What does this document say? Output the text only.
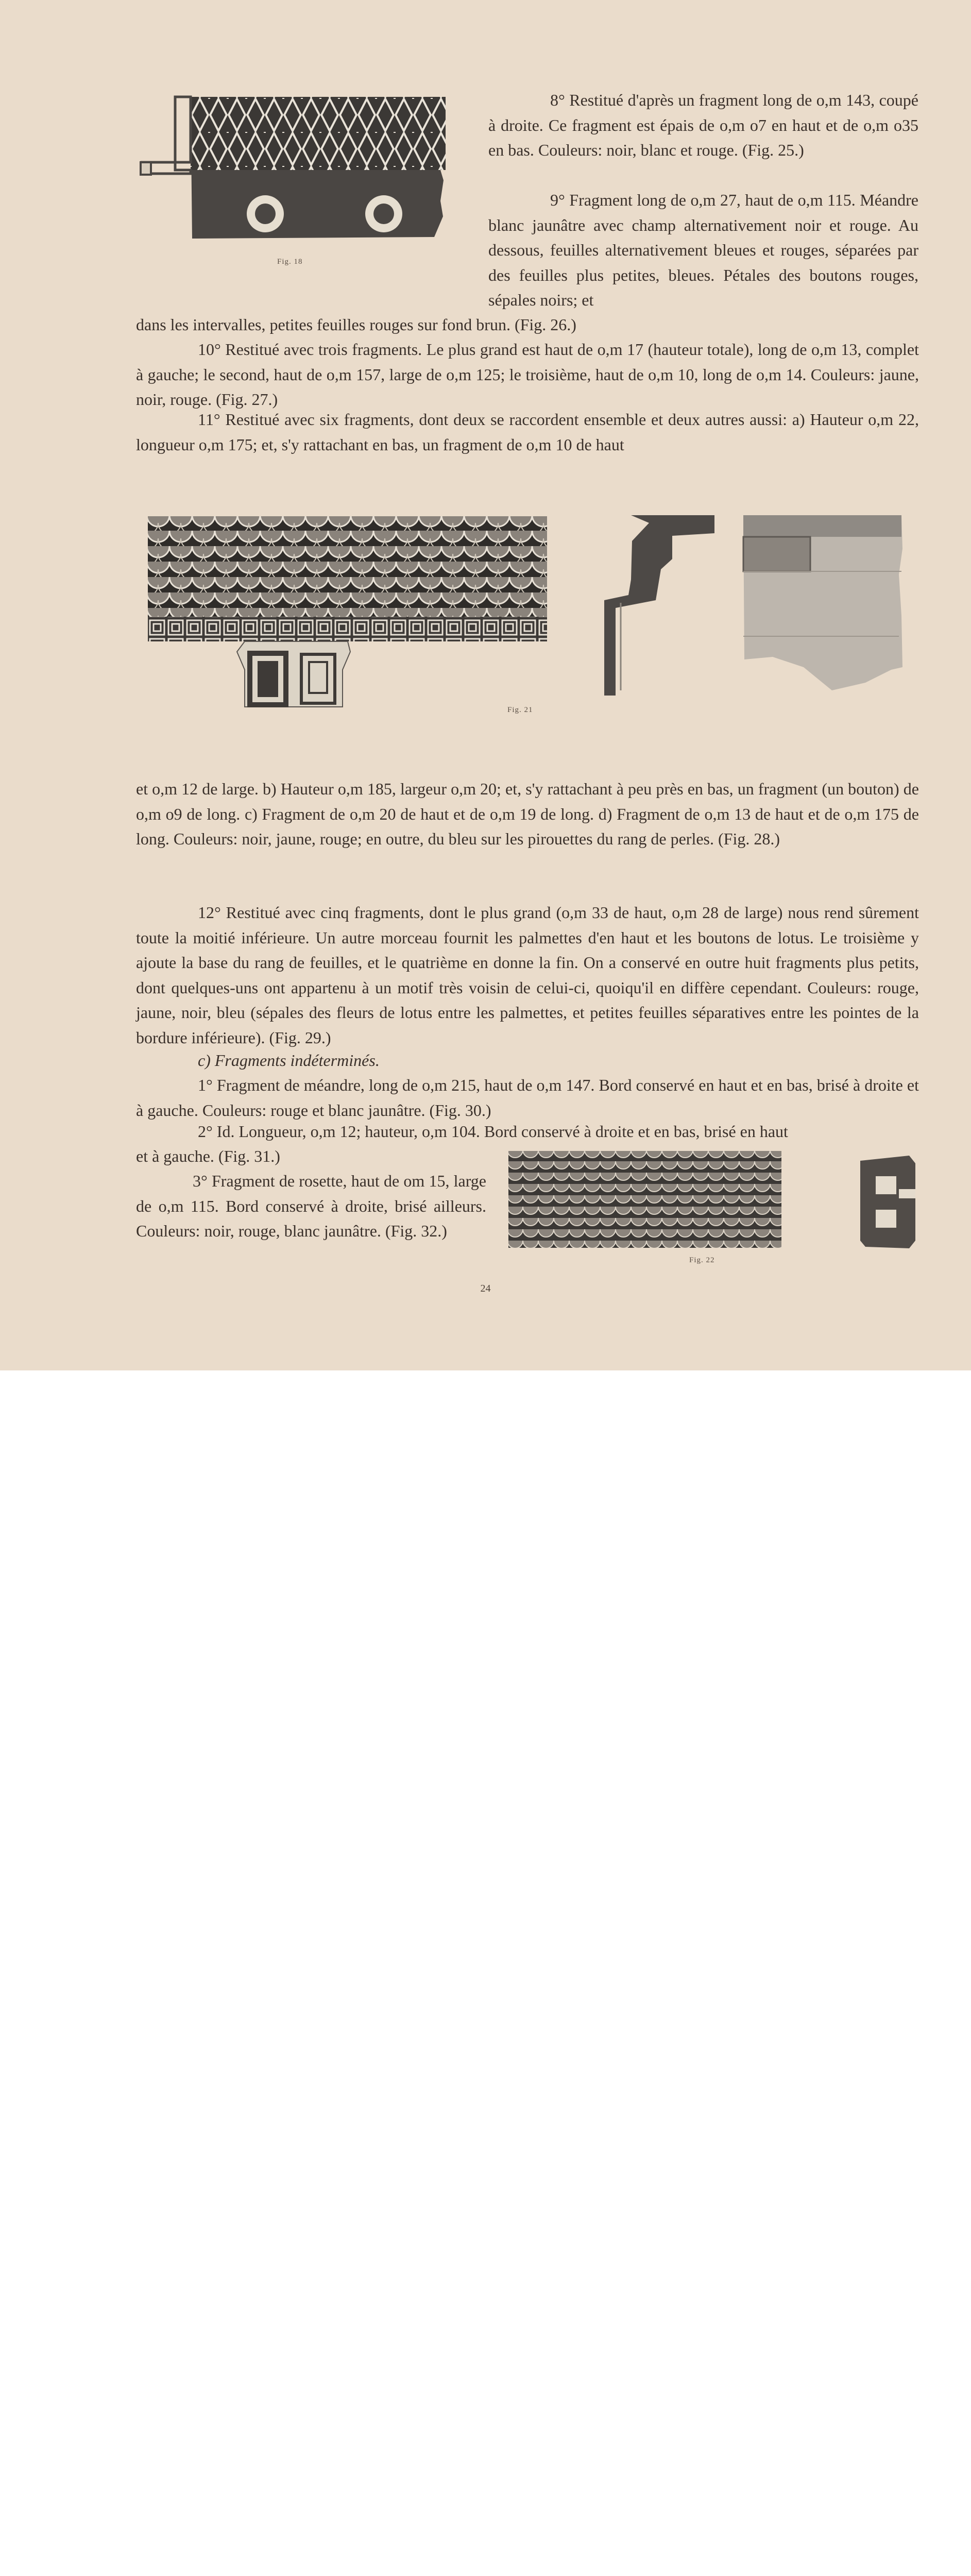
Fig. 18

8° Restitué d'après un fragment long de o,m 143, coupé à droite. Ce fragment est épais de o,m o7 en haut et de o,m o35 en bas. Couleurs: noir, blanc et rouge. (Fig. 25.)

9° Fragment long de o,m 27, haut de o,m 115. Méandre blanc jaunâtre avec champ alternativement noir et rouge. Au dessous, feuilles alternativement bleues et rouges, séparées par des feuilles plus petites, bleues. Pétales des boutons rouges, sépales noirs; et

dans les intervalles, petites feuilles rouges sur fond brun. (Fig. 26.)

10° Restitué avec trois fragments. Le plus grand est haut de o,m 17 (hauteur totale), long de o,m 13, complet à gauche; le second, haut de o,m 157, large de o,m 125; le troisième, haut de o,m 10, long de o,m 14. Couleurs: jaune, noir, rouge. (Fig. 27.)

11° Restitué avec six fragments, dont deux se raccordent ensemble et deux autres aussi: a) Hauteur o,m 22, longueur o,m 175; et, s'y rattachant en bas, un fragment de o,m 10 de haut

Fig. 21

et o,m 12 de large. b) Hauteur o,m 185, largeur o,m 20; et, s'y rattachant à peu près en bas, un fragment (un bouton) de o,m o9 de long. c) Fragment de o,m 20 de haut et de o,m 19 de long. d) Fragment de o,m 13 de haut et de o,m 175 de long. Couleurs: noir, jaune, rouge; en outre, du bleu sur les pirouettes du rang de perles. (Fig. 28.)

12° Restitué avec cinq fragments, dont le plus grand (o,m 33 de haut, o,m 28 de large) nous rend sûrement toute la moitié inférieure. Un autre morceau fournit les palmettes d'en haut et les boutons de lotus. Le troisième y ajoute la base du rang de feuilles, et le quatrième en donne la fin. On a conservé en outre huit fragments plus petits, dont quelques-uns ont appartenu à un motif très voisin de celui-ci, quoiqu'il en diffère cependant. Couleurs: rouge, jaune, noir, bleu (sépales des fleurs de lotus entre les palmettes, et petites feuilles séparatives entre les pointes de la bordure inférieure). (Fig. 29.)

c) Fragments indéterminés.

1° Fragment de méandre, long de o,m 215, haut de o,m 147. Bord conservé en haut et en bas, brisé à droite et à gauche. Couleurs: rouge et blanc jaunâtre. (Fig. 30.)

2° Id. Longueur, o,m 12; hauteur, o,m 104. Bord conservé à droite et en bas, brisé en haut

et à gauche. (Fig. 31.)

3° Fragment de rosette, haut de om 15, large de o,m 115. Bord conservé à droite, brisé ailleurs. Couleurs: noir, rouge, blanc jaunâtre. (Fig. 32.)

Fig. 22
24
